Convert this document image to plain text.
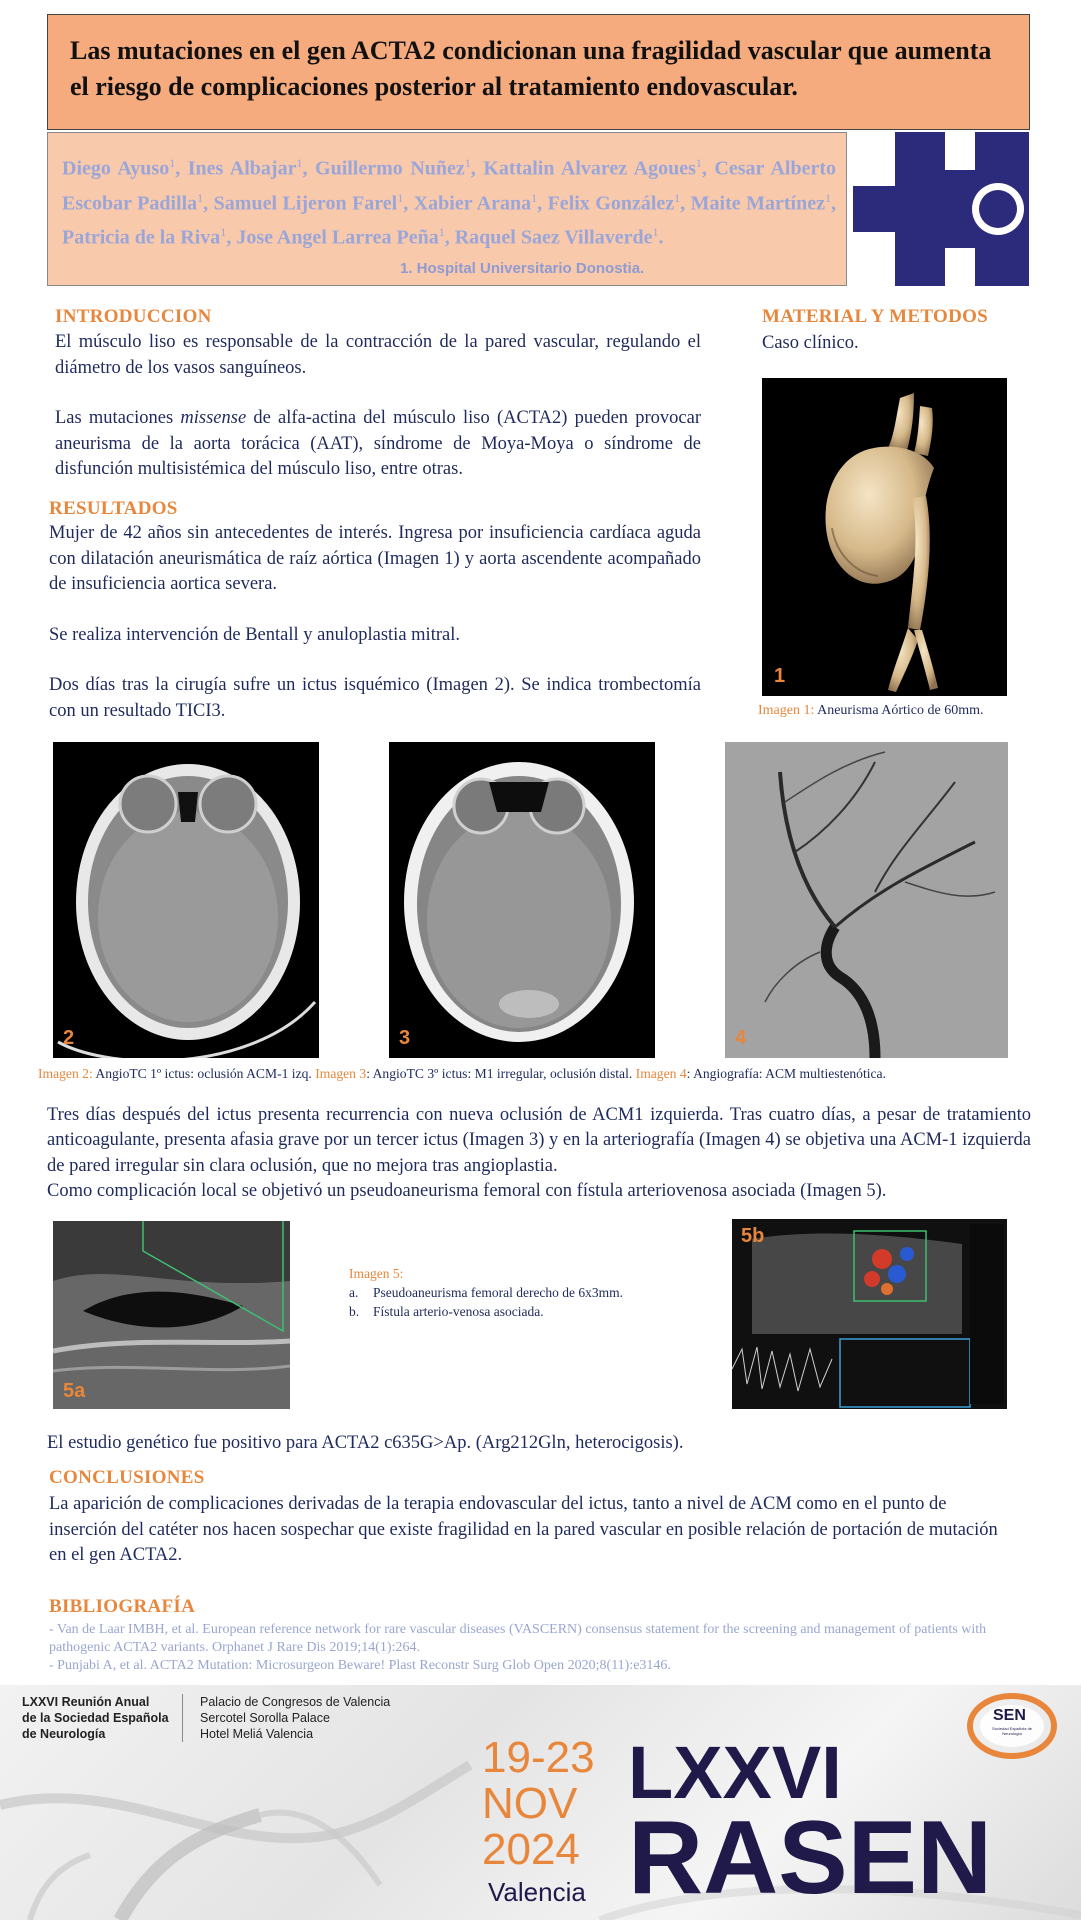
Las mutaciones en el gen ACTA2 condicionan una fragilidad vascular que aumenta el riesgo de complicaciones posterior al tratamiento endovascular.
Diego Ayuso$^1$, Ines Albajar$^1$, Guillermo Nuñez$^1$, Kattalin Alvarez Agoues$^1$, Cesar Alberto Escobar Padilla$^1$, Samuel Lijeron Farel$^1$, Xabier Arana$^1$, Felix González$^1$, Maite Martínez$^1$, Patricia de la Riva$^1$, Jose Angel Larrea Peña$^1$, Raquel Saez Villaverde$^1$.
1. Hospital Universitario Donostia.
INTRODUCCION
El músculo liso es responsable de la contracción de la pared vascular, regulando el diámetro de los vasos sanguíneos.
Las mutaciones missense de alfa-actina del músculo liso (ACTA2) pueden provocar aneurisma de la aorta torácica (AAT), síndrome de Moya-Moya o síndrome de disfunción multisistémica del músculo liso, entre otras.
MATERIAL Y METODOS
Caso clínico.
1
Imagen 1: Aneurisma Aórtico de 60mm.
RESULTADOS
Mujer de 42 años sin antecedentes de interés. Ingresa por insuficiencia cardíaca aguda con dilatación aneurismática de raíz aórtica (Imagen 1) y aorta ascendente acompañado de insuficiencia aortica severa.
Se realiza intervención de Bentall y anuloplastia mitral.
Dos días tras la cirugía sufre un ictus isquémico (Imagen 2). Se indica trombectomía con un resultado TICI3.
2	3	4
Imagen 2: AngioTC 1º ictus: oclusión ACM-1 izq. Imagen 3: AngioTC 3º ictus: M1 irregular, oclusión distal. Imagen 4: Angiografía: ACM multiestenótica.
Tres días después del ictus presenta recurrencia con nueva oclusión de ACM1 izquierda. Tras cuatro días, a pesar de tratamiento anticoagulante, presenta afasia grave por un tercer ictus (Imagen 3) y en la arteriografía (Imagen 4) se objetiva una ACM-1 izquierda de pared irregular sin clara oclusión, que no mejora tras angioplastia.
Como complicación local se objetivó un pseudoaneurisma femoral con fístula arteriovenosa asociada (Imagen 5).
5a
5b
Imagen 5:
a. Pseudoaneurisma femoral derecho de 6x3mm.
b. Fístula arterio-venosa asociada.
El estudio genético fue positivo para ACTA2 c635G>Ap. (Arg212Gln, heterocigosis).
CONCLUSIONES
La aparición de complicaciones derivadas de la terapia endovascular del ictus, tanto a nivel de ACM como en el punto de inserción del catéter nos hacen sospechar que existe fragilidad en la pared vascular en posible relación de portación de mutación en el gen ACTA2.
BIBLIOGRAFÍA
- Van de Laar IMBH, et al. European reference network for rare vascular diseases (VASCERN) consensus statement for the screening and management of patients with pathogenic ACTA2 variants. Orphanet J Rare Dis 2019;14(1):264.
- Punjabi A, et al. ACTA2 Mutation: Microsurgeon Beware! Plast Reconstr Surg Glob Open 2020;8(11):e3146.
LXXVI Reunión Anual
de la Sociedad Española
de Neurología
Palacio de Congresos de Valencia
Sercotel Sorolla Palace
Hotel Meliá Valencia	19-23
NOV
2024
Valencia
LXXVI
RASEN
SEN
Sociedad Española de Neurología
